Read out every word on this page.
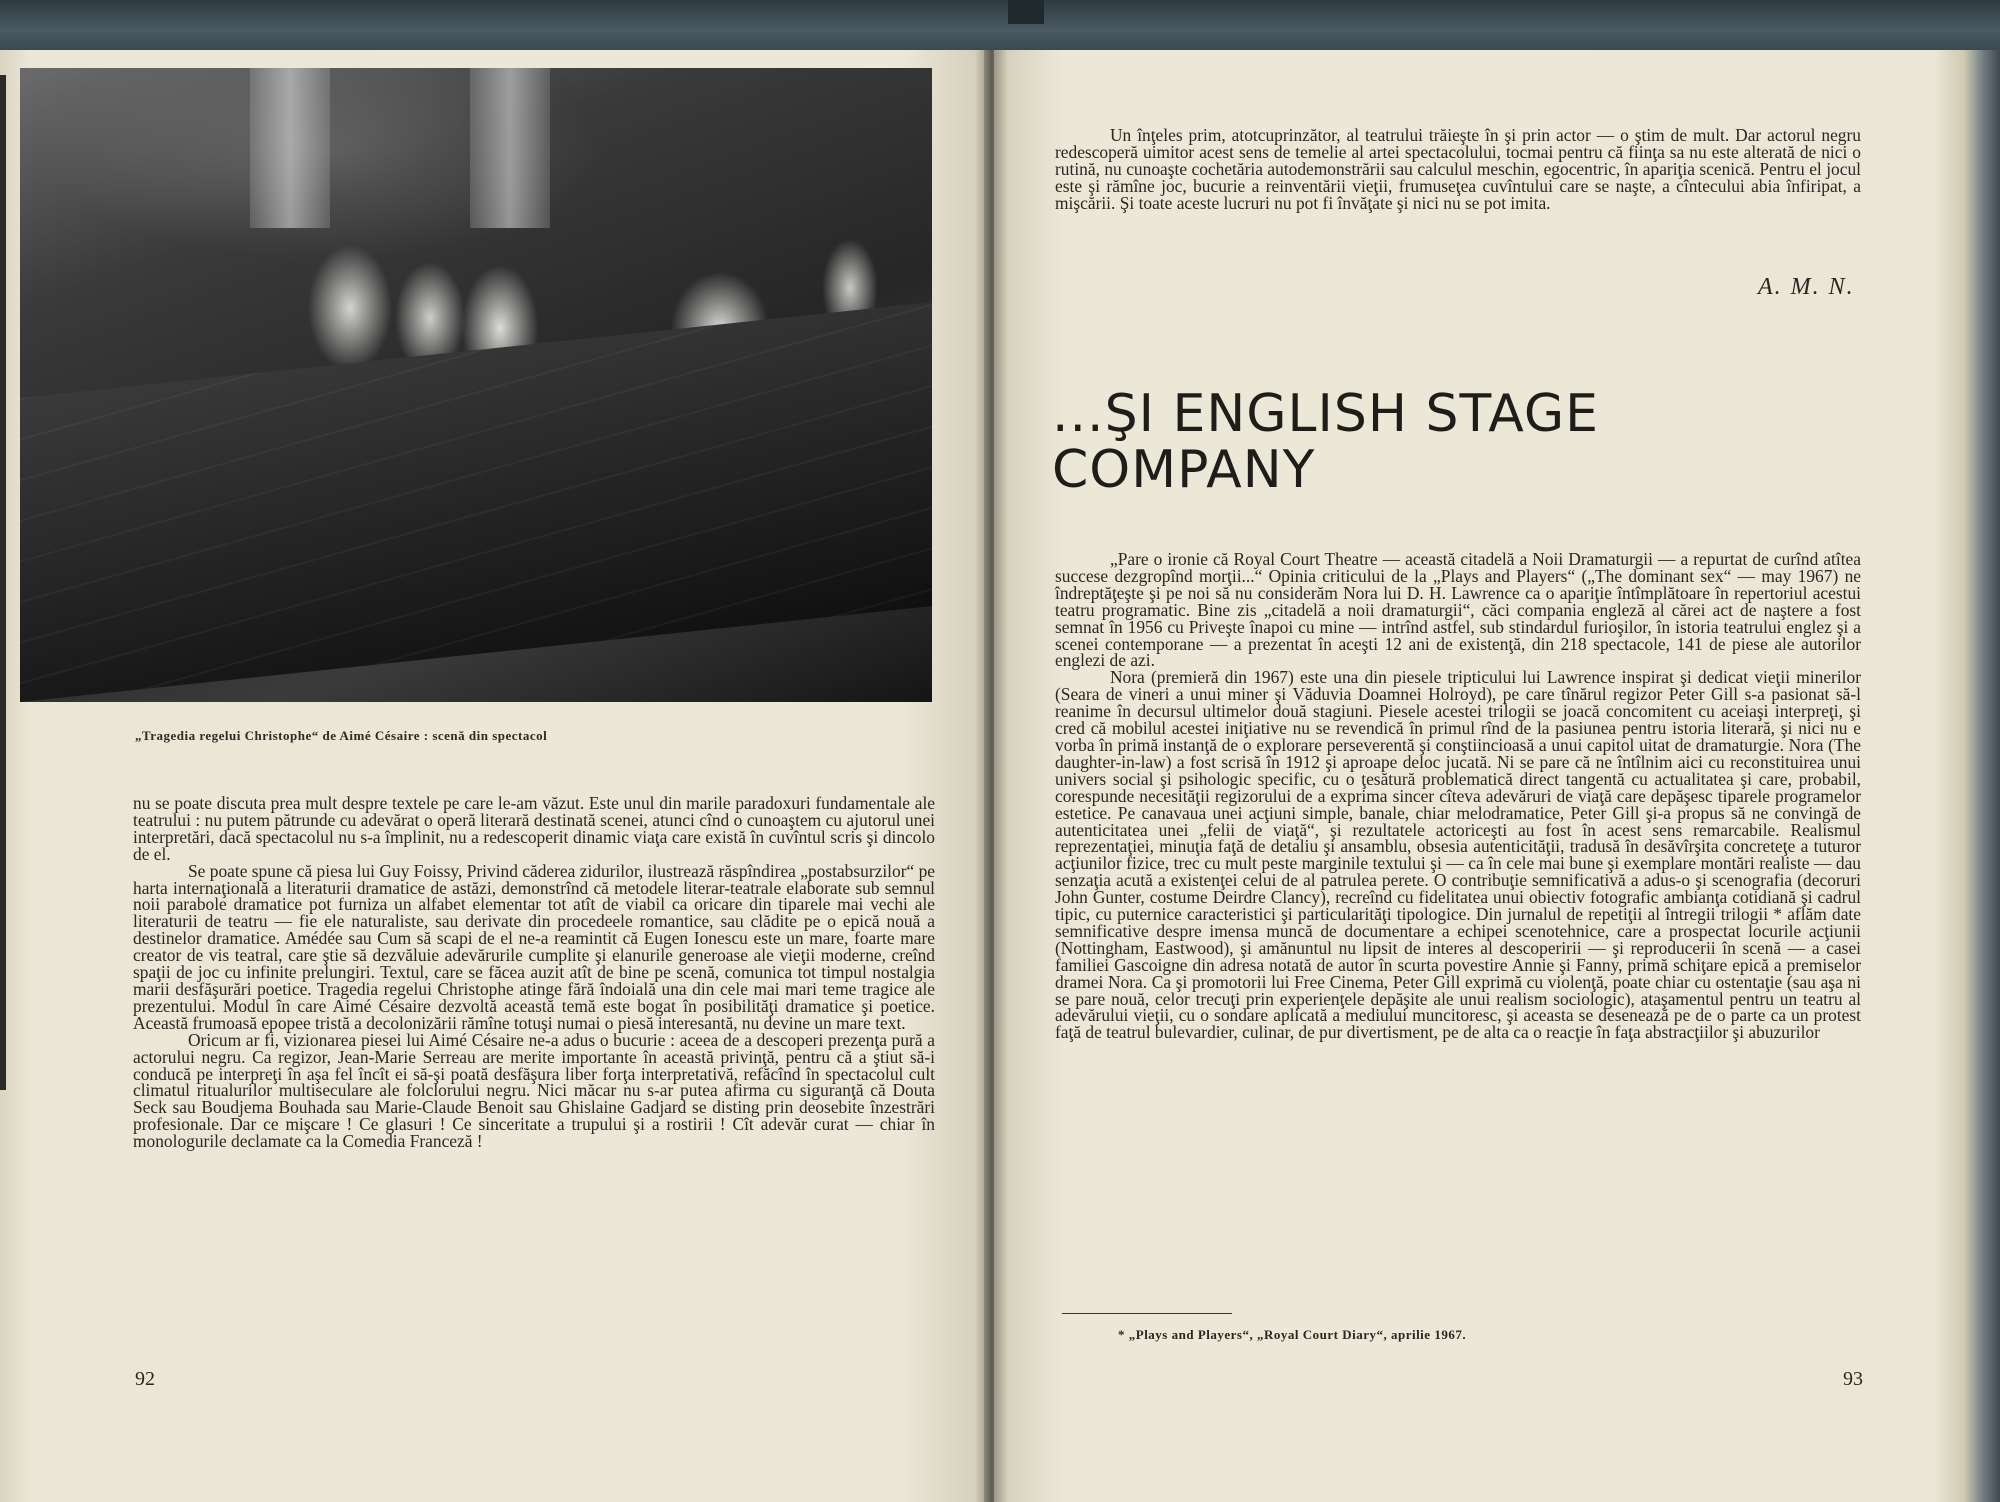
„Tragedia regelui Christophe“ de Aimé Césaire : scenă din spectacol

nu se poate discuta prea mult despre textele pe care le-am văzut. Este unul din marile paradoxuri fundamentale ale teatrului : nu putem pătrunde cu adevărat o operă literară destinată scenei, atunci cînd o cunoaştem cu ajutorul unei interpretări, dacă spectacolul nu s-a împlinit, nu a redescoperit dinamic viaţa care există în cuvîntul scris şi dincolo de el.

Se poate spune că piesa lui Guy Foissy, Privind căderea zidurilor, ilustrează răspîndirea „postabsurzilor“ pe harta internaţională a literaturii dramatice de astăzi, demonstrînd că metodele literar-teatrale elaborate sub semnul noii parabole dramatice pot furniza un alfabet elementar tot atît de viabil ca oricare din tiparele mai vechi ale literaturii de teatru — fie ele naturaliste, sau derivate din procedeele romantice, sau clădite pe o epică nouă a destinelor dramatice. Amédée sau Cum să scapi de el ne-a reamintit că Eugen Ionescu este un mare, foarte mare creator de vis teatral, care ştie să dezvăluie adevărurile cumplite şi elanurile generoase ale vieţii moderne, creînd spaţii de joc cu infinite prelungiri. Textul, care se făcea auzit atît de bine pe scenă, comunica tot timpul nostalgia marii desfăşurări poetice. Tragedia regelui Christophe atinge fără îndoială una din cele mai mari teme tragice ale prezentului. Modul în care Aimé Césaire dezvoltă această temă este bogat în posibilităţi dramatice şi poetice. Această frumoasă epopee tristă a decolonizării rămîne totuşi numai o piesă interesantă, nu devine un mare text.

Oricum ar fi, vizionarea piesei lui Aimé Césaire ne-a adus o bucurie : aceea de a descoperi prezenţa pură a actorului negru. Ca regizor, Jean-Marie Serreau are merite importante în această privinţă, pentru că a ştiut să-i conducă pe interpreţi în aşa fel încît ei să-şi poată desfăşura liber forţa interpretativă, refăcînd în spectacolul cult climatul ritualurilor multiseculare ale folclorului negru. Nici măcar nu s-ar putea afirma cu siguranţă că Douta Seck sau Boudjema Bouhada sau Marie-Claude Benoit sau Ghislaine Gadjard se disting prin deosebite înzestrări profesionale. Dar ce mişcare ! Ce glasuri ! Ce sinceritate a trupului şi a rostirii ! Cît adevăr curat — chiar în monologurile declamate ca la Comedia Franceză !

92

Un înţeles prim, atotcuprinzător, al teatrului trăieşte în şi prin actor — o ştim de mult. Dar actorul negru redescoperă uimitor acest sens de temelie al artei spectacolului, tocmai pentru că fiinţa sa nu este alterată de nici o rutină, nu cunoaşte cochetăria autodemonstrării sau calculul meschin, egocentric, în apariţia scenică. Pentru el jocul este şi rămîne joc, bucurie a reinventării vieţii, frumuseţea cuvîntului care se naşte, a cîntecului abia înfiripat, a mişcării. Şi toate aceste lucruri nu pot fi învăţate şi nici nu se pot imita.

A. M. N.
...ŞI ENGLISH STAGE
COMPANY

„Pare o ironie că Royal Court Theatre — această citadelă a Noii Dramaturgii — a repurtat de curînd atîtea succese dezgropînd morţii...“ Opinia criticului de la „Plays and Players“ („The dominant sex“ — may 1967) ne îndreptăţeşte şi pe noi să nu considerăm Nora lui D. H. Lawrence ca o apariţie întîmplătoare în repertoriul acestui teatru programatic. Bine zis „citadelă a noii dramaturgii“, căci compania engleză al cărei act de naştere a fost semnat în 1956 cu Priveşte înapoi cu mine — intrînd astfel, sub stindardul furioşilor, în istoria teatrului englez şi a scenei contemporane — a prezentat în aceşti 12 ani de existenţă, din 218 spectacole, 141 de piese ale autorilor englezi de azi.

Nora (premieră din 1967) este una din piesele tripticului lui Lawrence inspirat şi dedicat vieţii minerilor (Seara de vineri a unui miner şi Văduvia Doamnei Holroyd), pe care tînărul regizor Peter Gill s-a pasionat să-l reanime în decursul ultimelor două stagiuni. Piesele acestei trilogii se joacă concomitent cu aceiaşi interpreţi, şi cred că mobilul acestei iniţiative nu se revendică în primul rînd de la pasiunea pentru istoria literară, şi nici nu e vorba în primă instanţă de o explorare perseverentă şi conştiincioasă a unui capitol uitat de dramaturgie. Nora (The daughter-in-law) a fost scrisă în 1912 şi aproape deloc jucată. Ni se pare că ne întîlnim aici cu reconstituirea unui univers social şi psihologic specific, cu o ţesătură problematică direct tangentă cu actualitatea şi care, probabil, corespunde necesităţii regizorului de a exprima sincer cîteva adevăruri de viaţă care depăşesc tiparele programelor estetice. Pe canavaua unei acţiuni simple, banale, chiar melodramatice, Peter Gill şi-a propus să ne convingă de autenticitatea unei „felii de viaţă“, şi rezultatele actoriceşti au fost în acest sens remarcabile. Realismul reprezentaţiei, minuţia faţă de detaliu şi ansamblu, obsesia autenticităţii, tradusă în desăvîrşita concreteţe a tuturor acţiunilor fizice, trec cu mult peste marginile textului şi — ca în cele mai bune şi exemplare montări realiste — dau senzaţia acută a existenţei celui de al patrulea perete. O contribuţie semnificativă a adus-o şi scenografia (decoruri John Gunter, costume Deirdre Clancy), recreînd cu fidelitatea unui obiectiv fotografic ambianţa cotidiană şi cadrul tipic, cu puternice caracteristici şi particularităţi tipologice. Din jurnalul de repetiţii al întregii trilogii * aflăm date semnificative despre imensa muncă de documentare a echipei scenotehnice, care a prospectat locurile acţiunii (Nottingham, Eastwood), şi amănuntul nu lipsit de interes al descoperirii — şi reproducerii în scenă — a casei familiei Gascoigne din adresa notată de autor în scurta povestire Annie şi Fanny, primă schiţare epică a premiselor dramei Nora. Ca şi promotorii lui Free Cinema, Peter Gill exprimă cu violenţă, poate chiar cu ostentaţie (sau aşa ni se pare nouă, celor trecuţi prin experienţele depăşite ale unui realism sociologic), ataşamentul pentru un teatru al adevărului vieţii, cu o sondare aplicată a mediului muncitoresc, şi aceasta se desenează pe de o parte ca un protest faţă de teatrul bulevardier, culinar, de pur divertisment, pe de alta ca o reacţie în faţa abstracţiilor şi abuzurilor

* „Plays and Players“, „Royal Court Diary“, aprilie 1967.
93
